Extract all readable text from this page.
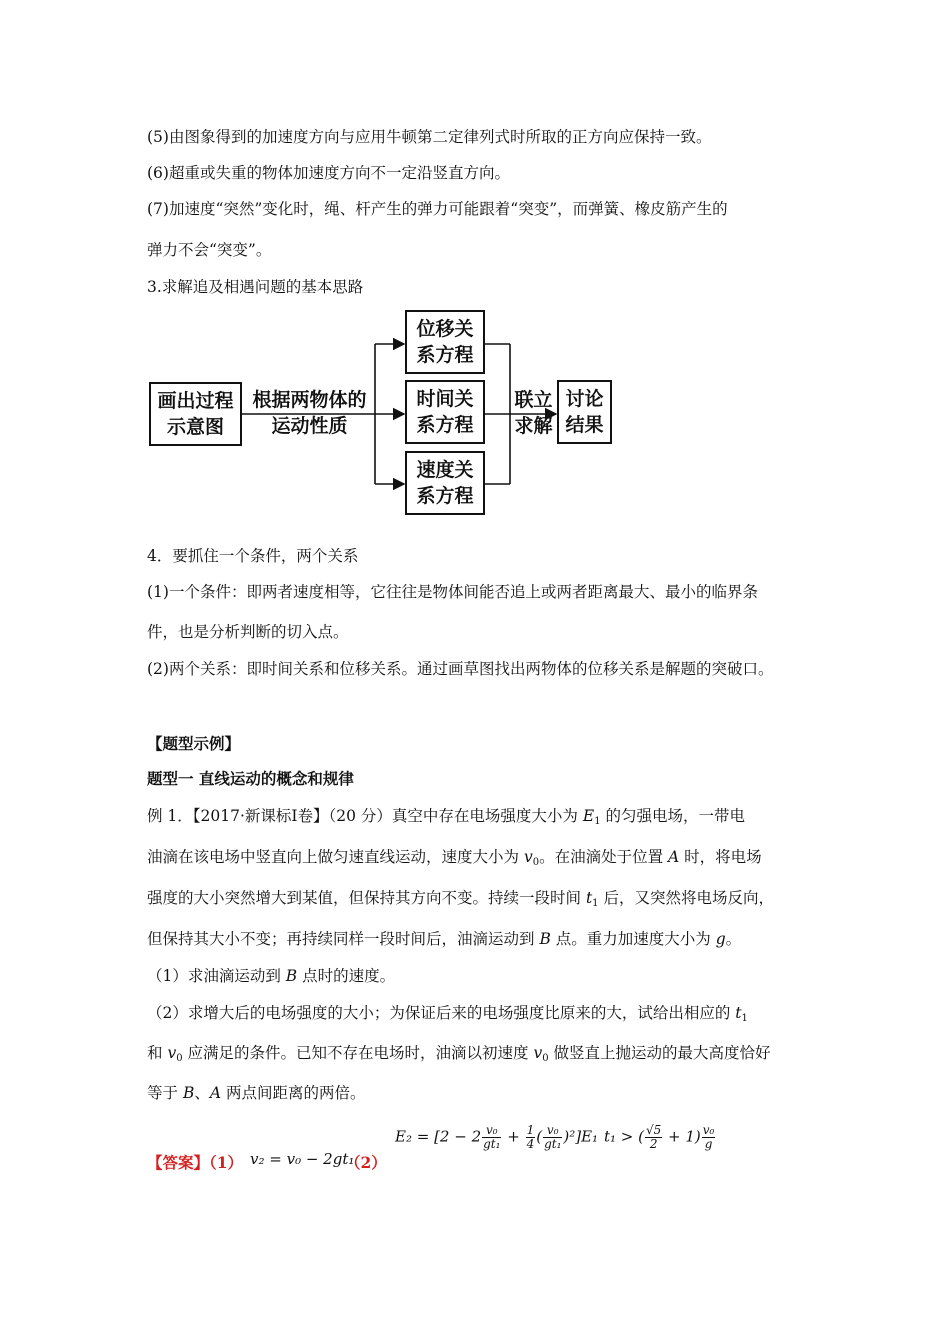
(5)由图象得到的加速度方向与应用牛顿第二定律列式时所取的正方向应保持一致。
(6)超重或失重的物体加速度方向不一定沿竖直方向。
(7)加速度“突然”变化时，绳、杆产生的弹力可能跟着“突变”，而弹簧、橡皮筋产生的
弹力不会“突变”。
3.求解追及相遇问题的基本思路
画出过程
示意图
根据两物体的
运动性质
位移关
系方程
时间关
系方程
速度关
系方程
联立
求解
讨论
结果
4．要抓住一个条件，两个关系
(1)一个条件：即两者速度相等，它往往是物体间能否追上或两者距离最大、最小的临界条
件，也是分析判断的切入点。
(2)两个关系：即时间关系和位移关系。通过画草图找出两物体的位移关系是解题的突破口。
【题型示例】
题型一 直线运动的概念和规律
例 1．【2017·新课标Ⅰ卷】（20 分）真空中存在电场强度大小为 $E_1$ 的匀强电场，一带电
油滴在该电场中竖直向上做匀速直线运动，速度大小为 $v_0$。在油滴处于位置 A 时，将电场
强度的大小突然增大到某值，但保持其方向不变。持续一段时间 $t_1$ 后，又突然将电场反向，
但保持其大小不变；再持续同样一段时间后，油滴运动到 B 点。重力加速度大小为 g。
（1）求油滴运动到 B 点时的速度。
（2）求增大后的电场强度的大小；为保证后来的电场强度比原来的大，试给出相应的 $t_1$
和 $v_0$ 应满足的条件。已知不存在电场时，油滴以初速度 $v_0$ 做竖直上抛运动的最大高度恰好
等于 B、A 两点间距离的两倍。
【答案】（1） v₂ = v₀ − 2gt₁
（2）
$E_2 = [2 - 2 \frac{\text{v₀}}{\text{gt₁}} + \frac{1}{4}$ ( $\frac{\text{v₀}}{\text{gt₁}} )^2]E_1$ t₁ > ( $\frac{√5}{2} + 1) \frac{\text{v₀}}{g}$
